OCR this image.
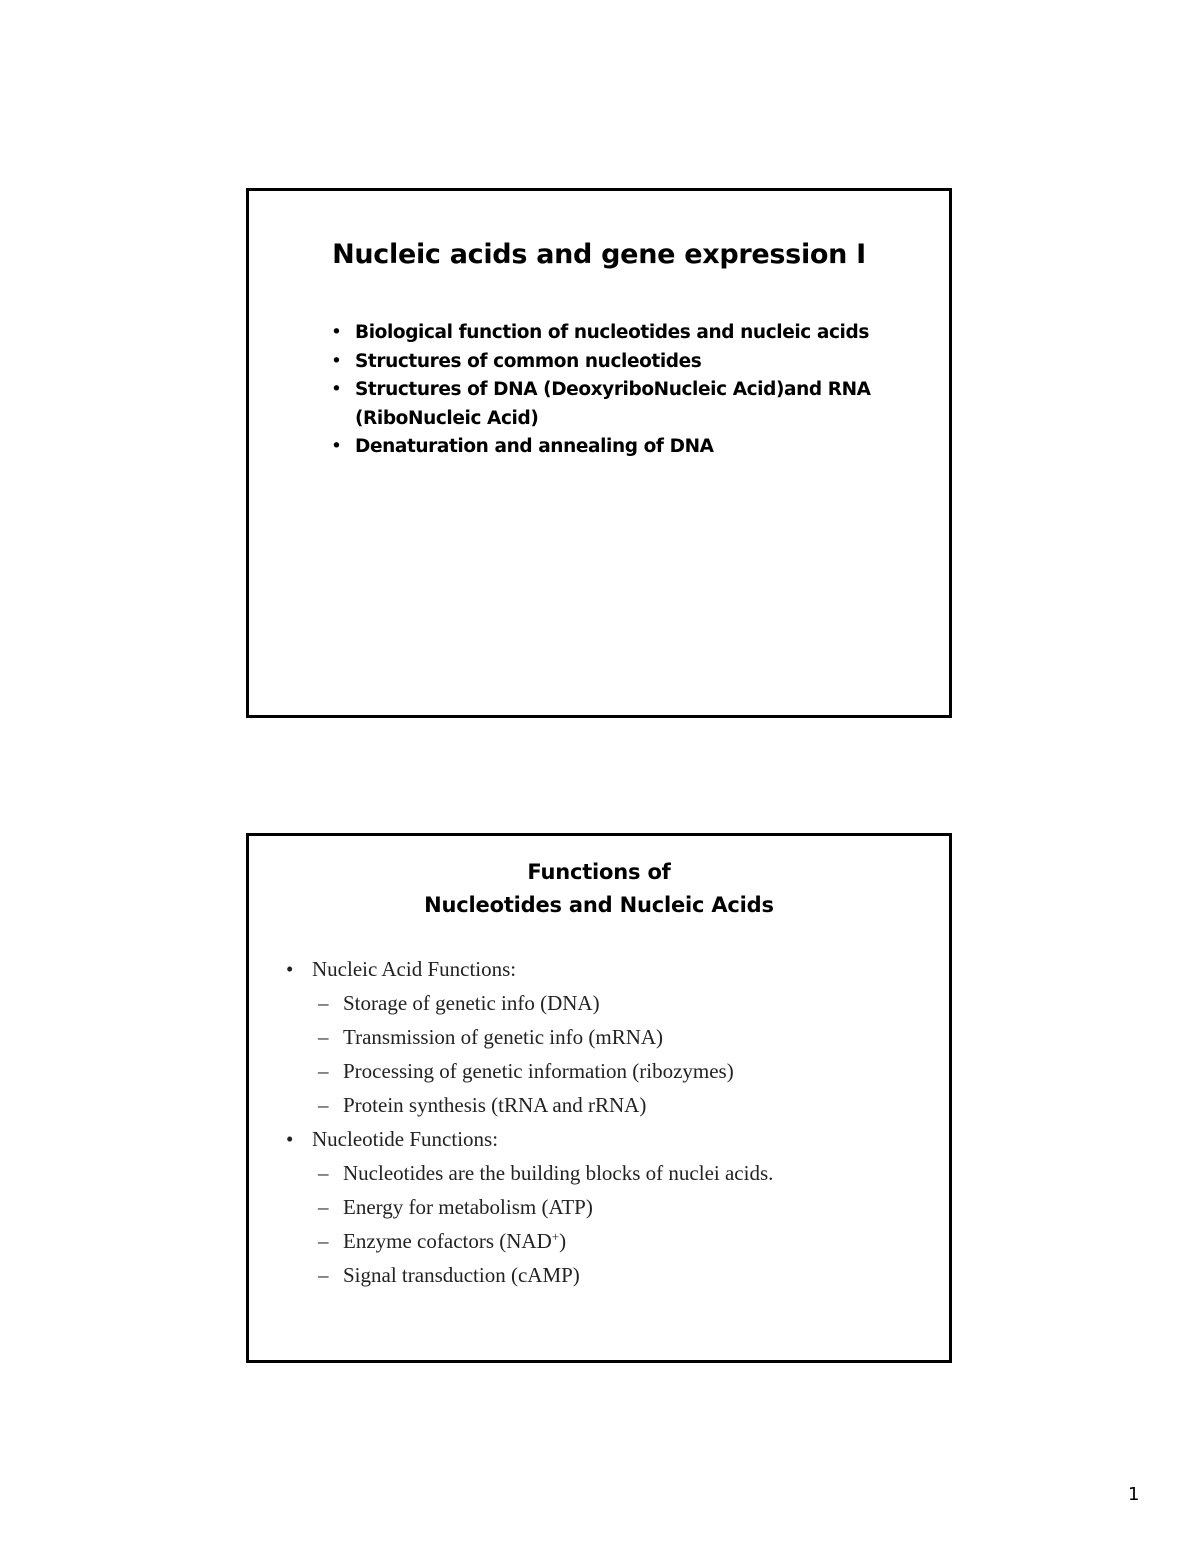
Nucleic acids and gene expression I
• Biological function of nucleotides and nucleic acids
• Structures of common nucleotides
• Structures of DNA (DeoxyriboNucleic Acid)and RNA (RiboNucleic Acid)
• Denaturation and annealing of DNA
Functions of
Nucleotides and Nucleic Acids
• Nucleic Acid Functions:
– Storage of genetic info (DNA)
– Transmission of genetic info (mRNA)
– Processing of genetic information (ribozymes)
– Protein synthesis (tRNA and rRNA)
• Nucleotide Functions:
– Nucleotides are the building blocks of nuclei acids.
– Energy for metabolism (ATP)
– Enzyme cofactors (NAD+)
– Signal transduction (cAMP)
1
